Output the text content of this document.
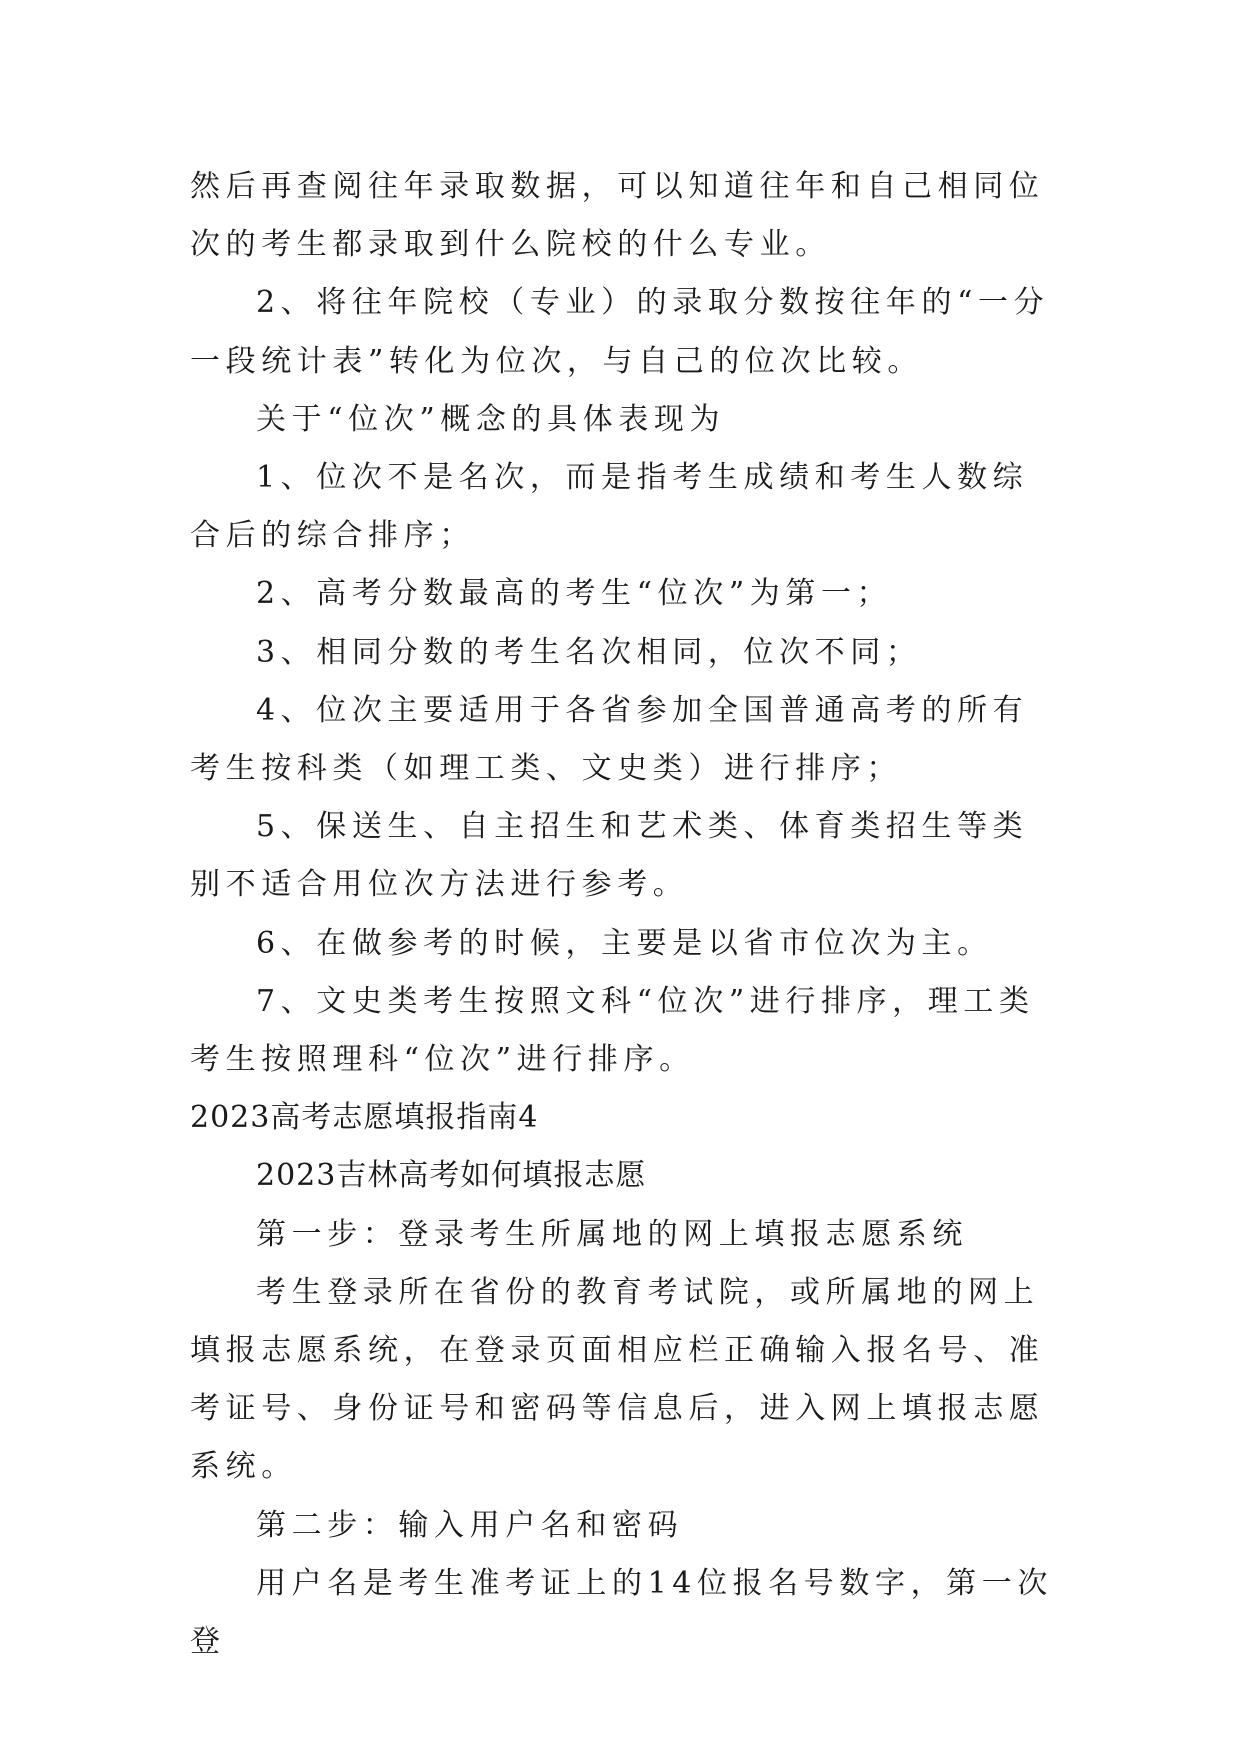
然后再查阅往年录取数据，可以知道往年和自己相同位次的考生都录取到什么院校的什么专业。

2、将往年院校（专业）的录取分数按往年的“一分一段统计表”转化为位次，与自己的位次比较。

关于“位次”概念的具体表现为

1、位次不是名次，而是指考生成绩和考生人数综合后的综合排序；

2、高考分数最高的考生“位次”为第一；

3、相同分数的考生名次相同，位次不同；

4、位次主要适用于各省参加全国普通高考的所有考生按科类（如理工类、文史类）进行排序；

5、保送生、自主招生和艺术类、体育类招生等类别不适合用位次方法进行参考。

6、在做参考的时候，主要是以省市位次为主。

7、文史类考生按照文科“位次”进行排序，理工类考生按照理科“位次”进行排序。

2023高考志愿填报指南4

2023吉林高考如何填报志愿

第一步：登录考生所属地的网上填报志愿系统

考生登录所在省份的教育考试院，或所属地的网上填报志愿系统，在登录页面相应栏正确输入报名号、准考证号、身份证号和密码等信息后，进入网上填报志愿系统。

第二步：输入用户名和密码

用户名是考生准考证上的14位报名号数字，第一次登
